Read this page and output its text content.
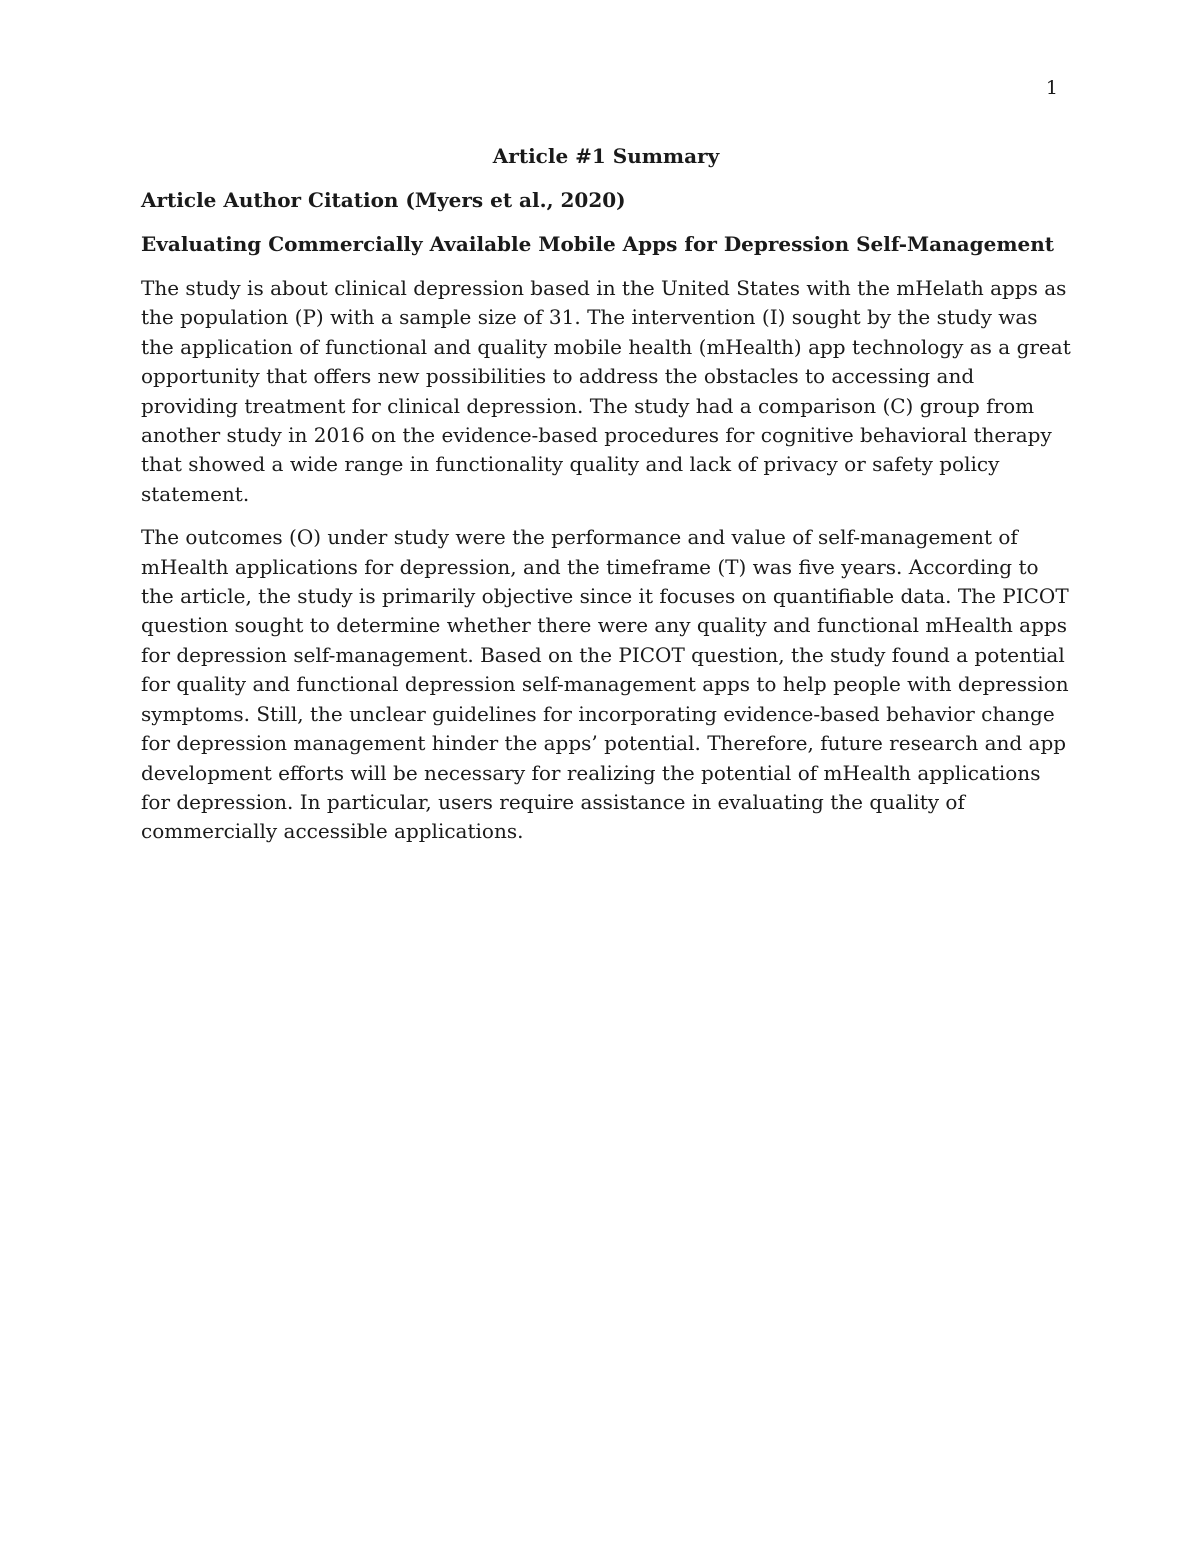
1
Article #1 Summary
Article Author Citation (Myers et al., 2020)
Evaluating Commercially Available Mobile Apps for Depression Self-Management

The study is about clinical depression based in the United States with the mHelath apps as the population (P) with a sample size of 31. The intervention (I) sought by the study was the application of functional and quality mobile health (mHealth) app technology as a great opportunity that offers new possibilities to address the obstacles to accessing and providing treatment for clinical depression. The study had a comparison (C) group from another study in 2016 on the evidence-based procedures for cognitive behavioral therapy that showed a wide range in functionality quality and lack of privacy or safety policy statement.

The outcomes (O) under study were the performance and value of self-management of mHealth applications for depression, and the timeframe (T) was five years. According to the article, the study is primarily objective since it focuses on quantifiable data. The PICOT question sought to determine whether there were any quality and functional mHealth apps for depression self-management. Based on the PICOT question, the study found a potential for quality and functional depression self-management apps to help people with depression symptoms. Still, the unclear guidelines for incorporating evidence-based behavior change for depression management hinder the apps’ potential. Therefore, future research and app development efforts will be necessary for realizing the potential of mHealth applications for depression. In particular, users require assistance in evaluating the quality of commercially accessible applications.
